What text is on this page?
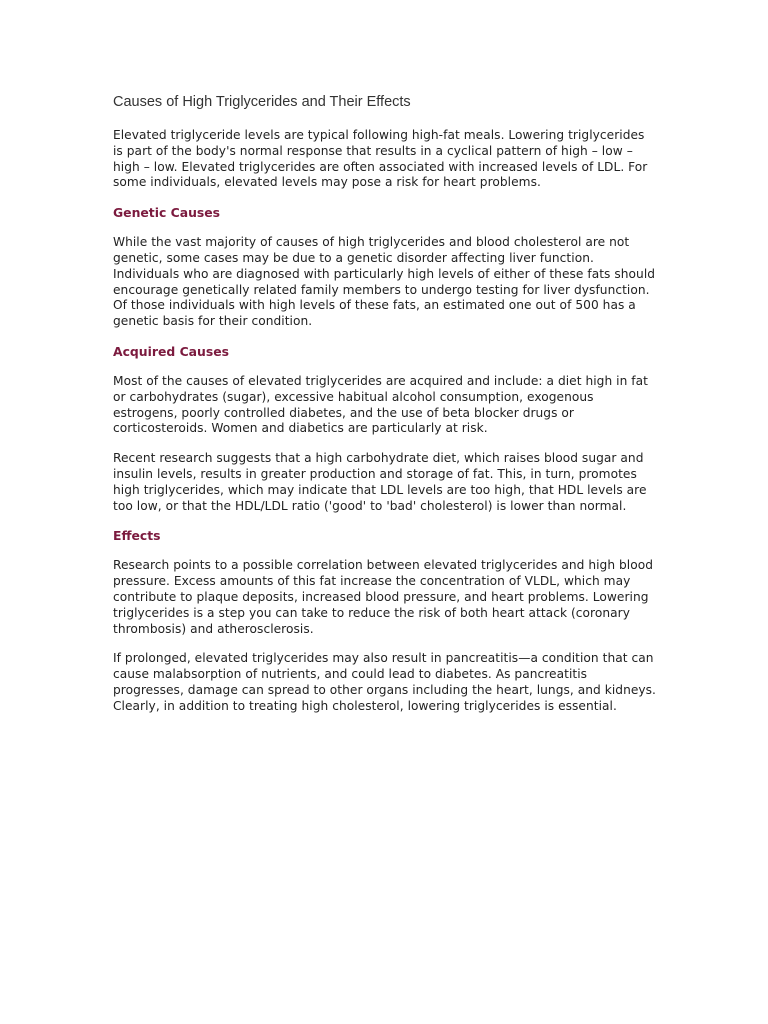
Causes of High Triglycerides and Their Effects

Elevated triglyceride levels are typical following high-fat meals. Lowering triglycerides is part of the body's normal response that results in a cyclical pattern of high – low – high – low. Elevated triglycerides are often associated with increased levels of LDL. For some individuals, elevated levels may pose a risk for heart problems.

Genetic Causes

While the vast majority of causes of high triglycerides and blood cholesterol are not genetic, some cases may be due to a genetic disorder affecting liver function. Individuals who are diagnosed with particularly high levels of either of these fats should encourage genetically related family members to undergo testing for liver dysfunction. Of those individuals with high levels of these fats, an estimated one out of 500 has a genetic basis for their condition.

Acquired Causes

Most of the causes of elevated triglycerides are acquired and include: a diet high in fat or carbohydrates (sugar), excessive habitual alcohol consumption, exogenous estrogens, poorly controlled diabetes, and the use of beta blocker drugs or corticosteroids. Women and diabetics are particularly at risk.

Recent research suggests that a high carbohydrate diet, which raises blood sugar and insulin levels, results in greater production and storage of fat. This, in turn, promotes high triglycerides, which may indicate that LDL levels are too high, that HDL levels are too low, or that the HDL/LDL ratio ('good' to 'bad' cholesterol) is lower than normal.

Effects

Research points to a possible correlation between elevated triglycerides and high blood pressure. Excess amounts of this fat increase the concentration of VLDL, which may contribute to plaque deposits, increased blood pressure, and heart problems. Lowering triglycerides is a step you can take to reduce the risk of both heart attack (coronary thrombosis) and atherosclerosis.

If prolonged, elevated triglycerides may also result in pancreatitis—a condition that can cause malabsorption of nutrients, and could lead to diabetes. As pancreatitis progresses, damage can spread to other organs including the heart, lungs, and kidneys. Clearly, in addition to treating high cholesterol, lowering triglycerides is essential.
